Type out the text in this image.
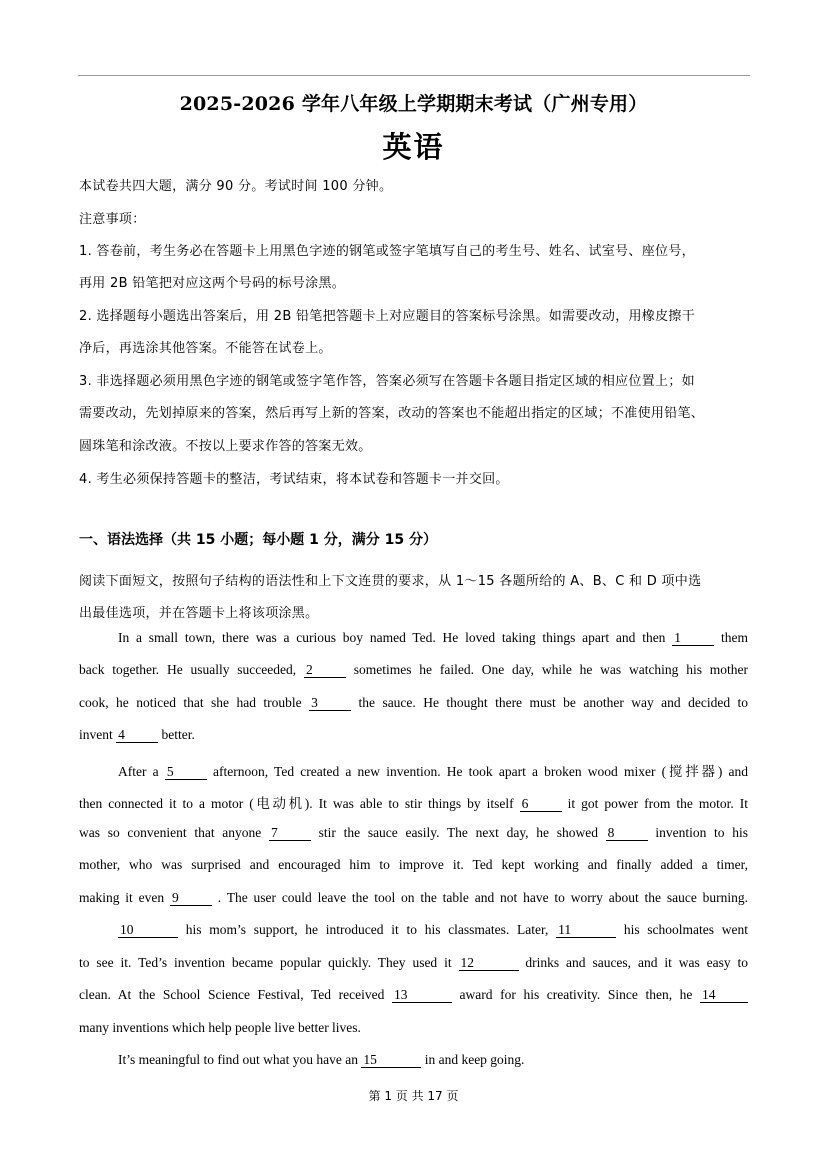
2025-2026 学年八年级上学期期末考试（广州专用）
英语
本试卷共四大题，满分 90 分。考试时间 100 分钟。
注意事项：
1. 答卷前，考生务必在答题卡上用黑色字迹的钢笔或签字笔填写自己的考生号、姓名、试室号、座位号，
再用 2B 铅笔把对应这两个号码的标号涂黑。
2. 选择题每小题选出答案后，用 2B 铅笔把答题卡上对应题目的答案标号涂黑。如需要改动，用橡皮擦干
净后，再选涂其他答案。不能答在试卷上。
3. 非选择题必须用黑色字迹的钢笔或签字笔作答，答案必须写在答题卡各题目指定区域的相应位置上；如
需要改动，先划掉原来的答案，然后再写上新的答案，改动的答案也不能超出指定的区域；不准使用铅笔、
圆珠笔和涂改液。不按以上要求作答的答案无效。
4. 考生必须保持答题卡的整洁，考试结束，将本试卷和答题卡一并交回。
一、语法选择（共 15 小题；每小题 1 分，满分 15 分）
阅读下面短文，按照句子结构的语法性和上下文连贯的要求，从 1～15 各题所给的 A、B、C 和 D 项中选
出最佳选项，并在答题卡上将该项涂黑。
In a small town, there was a curious boy named Ted. He loved taking things apart and then 1	them
back together. He usually succeeded, 2	sometimes he failed. One day, while he was watching his mother
cook, he noticed that she had trouble 3	the sauce. He thought there must be another way and decided to
invent 4	better.
After a 5	afternoon, Ted created a new invention. He took apart a broken wood mixer (搅拌器) and
then connected it to a motor (电动机). It was able to stir things by itself 6	it got power from the motor. It
was so convenient that anyone 7	stir the sauce easily. The next day, he showed 8	invention to his
mother, who was surprised and encouraged him to improve it. Ted kept working and finally added a timer,
making it even 9	. The user could leave the tool on the table and not have to worry about the sauce burning.
10	his mom’s support, he introduced it to his classmates. Later, 11	his schoolmates went
to see it. Ted’s invention became popular quickly. They used it 12	drinks and sauces, and it was easy to
clean. At the School Science Festival, Ted received 13	award for his creativity. Since then, he 14
many inventions which help people live better lives.
It’s meaningful to find out what you have an 15	in and keep going.
第 1 页 共 17 页
